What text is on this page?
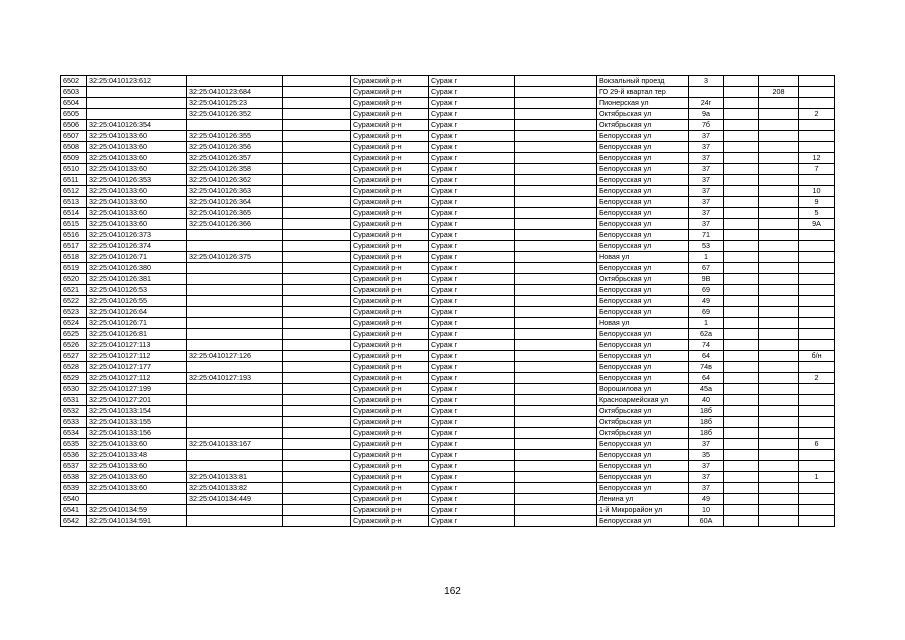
6502	32:25:0410123:612			Суражский р-н	Сураж г		Вокзальный проезд	3			
6503		32:25:0410123:684		Суражский р-н	Сураж г		ГО 29-й квартал тер			208	
6504		32:25:0410125:23		Суражский р-н	Сураж г		Пионерская ул	24г			
6505		32:25:0410126:352		Суражский р-н	Сураж г		Октябрьская ул	9а			2
6506	32:25:0410126:354			Суражский р-н	Сураж г		Октябрьская ул	7б			
6507	32:25:0410133:60	32:25:0410126:355		Суражский р-н	Сураж г		Белорусская ул	37			
6508	32:25:0410133:60	32:25:0410126:356		Суражский р-н	Сураж г		Белорусская ул	37			
6509	32:25:0410133:60	32:25:0410126:357		Суражский р-н	Сураж г		Белорусская ул	37			12
6510	32:25:0410133:60	32:25:0410126:358		Суражский р-н	Сураж г		Белорусская ул	37			7
6511	32:25:0410126:353	32:25:0410126:362		Суражский р-н	Сураж г		Белорусская ул	37			
6512	32:25:0410133:60	32:25:0410126:363		Суражский р-н	Сураж г		Белорусская ул	37			10
6513	32:25:0410133:60	32:25:0410126:364		Суражский р-н	Сураж г		Белорусская ул	37			9
6514	32:25:0410133:60	32:25:0410126:365		Суражский р-н	Сураж г		Белорусская ул	37			5
6515	32:25:0410133:60	32:25:0410126:366		Суражский р-н	Сураж г		Белорусская ул	37			9А
6516	32:25:0410126:373			Суражский р-н	Сураж г		Белорусская ул	71			
6517	32:25:0410126:374			Суражский р-н	Сураж г		Белорусская ул	53			
6518	32:25:0410126:71	32:25:0410126:375		Суражский р-н	Сураж г		Новая ул	1			
6519	32:25:0410126:380			Суражский р-н	Сураж г		Белорусская ул	67			
6520	32:25:0410126:381			Суражский р-н	Сураж г		Октябрьская ул	9В			
6521	32:25:0410126:53			Суражский р-н	Сураж г		Белорусская ул	69			
6522	32:25:0410126:55			Суражский р-н	Сураж г		Белорусская ул	49			
6523	32:25:0410126:64			Суражский р-н	Сураж г		Белорусская ул	69			
6524	32:25:0410126:71			Суражский р-н	Сураж г		Новая ул	1			
6525	32:25:0410126:81			Суражский р-н	Сураж г		Белорусская ул	62а			
6526	32:25:0410127:113			Суражский р-н	Сураж г		Белорусская ул	74			
6527	32:25:0410127:112	32:25:0410127:126		Суражский р-н	Сураж г		Белорусская ул	64			б/н
6528	32:25:0410127:177			Суражский р-н	Сураж г		Белорусская ул	74в			
6529	32:25:0410127:112	32:25:0410127:193		Суражский р-н	Сураж г		Белорусская ул	64			2
6530	32:25:0410127:199			Суражский р-н	Сураж г		Ворошилова ул	45а			
6531	32:25:0410127:201			Суражский р-н	Сураж г		Красноармейская ул	40			
6532	32:25:0410133:154			Суражский р-н	Сураж г		Октябрьская ул	18б			
6533	32:25:0410133:155			Суражский р-н	Сураж г		Октябрьская ул	18б			
6534	32:25:0410133:156			Суражский р-н	Сураж г		Октябрьская ул	18б			
6535	32:25:0410133:60	32:25:0410133:167		Суражский р-н	Сураж г		Белорусская ул	37			6
6536	32:25:0410133:48			Суражский р-н	Сураж г		Белорусская ул	35			
6537	32:25:0410133:60			Суражский р-н	Сураж г		Белорусская ул	37			
6538	32:25:0410133:60	32:25:0410133:81		Суражский р-н	Сураж г		Белорусская ул	37			1
6539	32:25:0410133:60	32:25:0410133:82		Суражский р-н	Сураж г		Белорусская ул	37			
6540		32:25:0410134:449		Суражский р-н	Сураж г		Ленина ул	49			
6541	32:25:0410134:59			Суражский р-н	Сураж г		1-й Микрорайон ул	10			
6542	32:25:0410134:591			Суражский р-н	Сураж г		Белорусская ул	60А			
162
